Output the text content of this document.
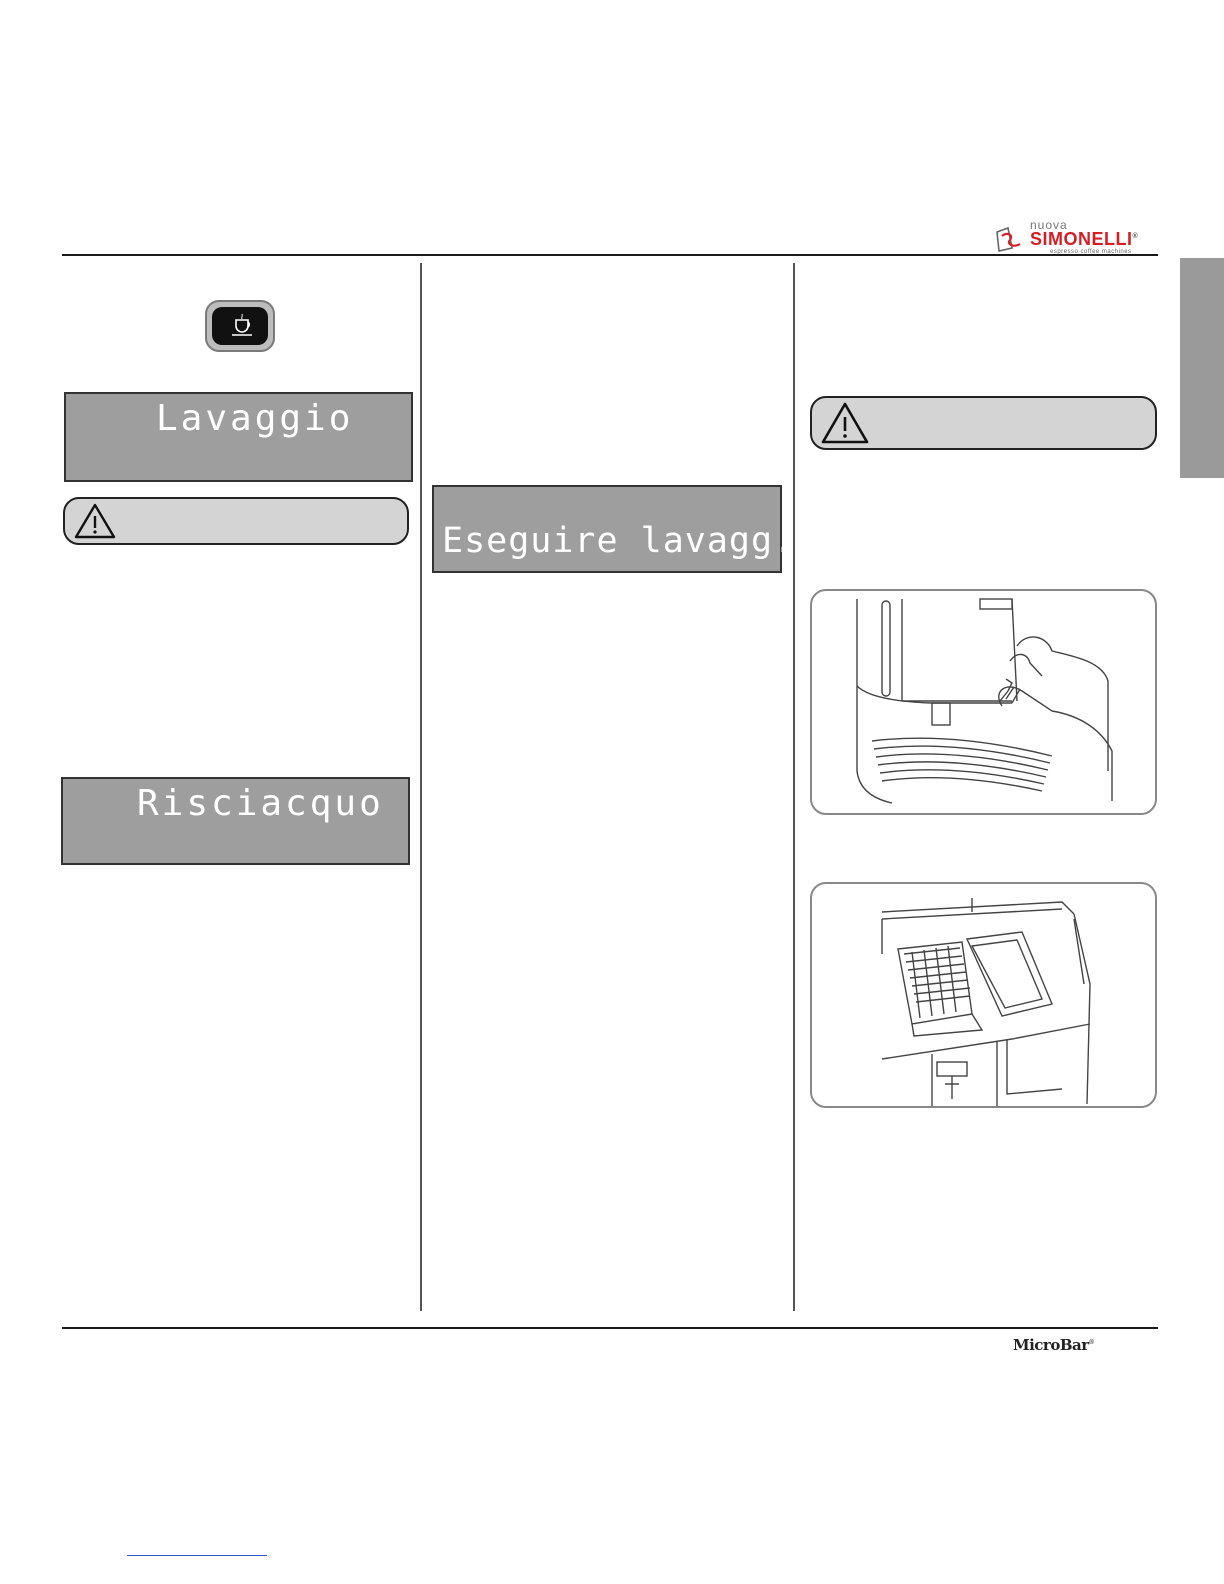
nuova
SIMONELLI®
espresso coffee machines
Lavaggio
Risciacquo
Eseguire lavagg.
MicroBar®
